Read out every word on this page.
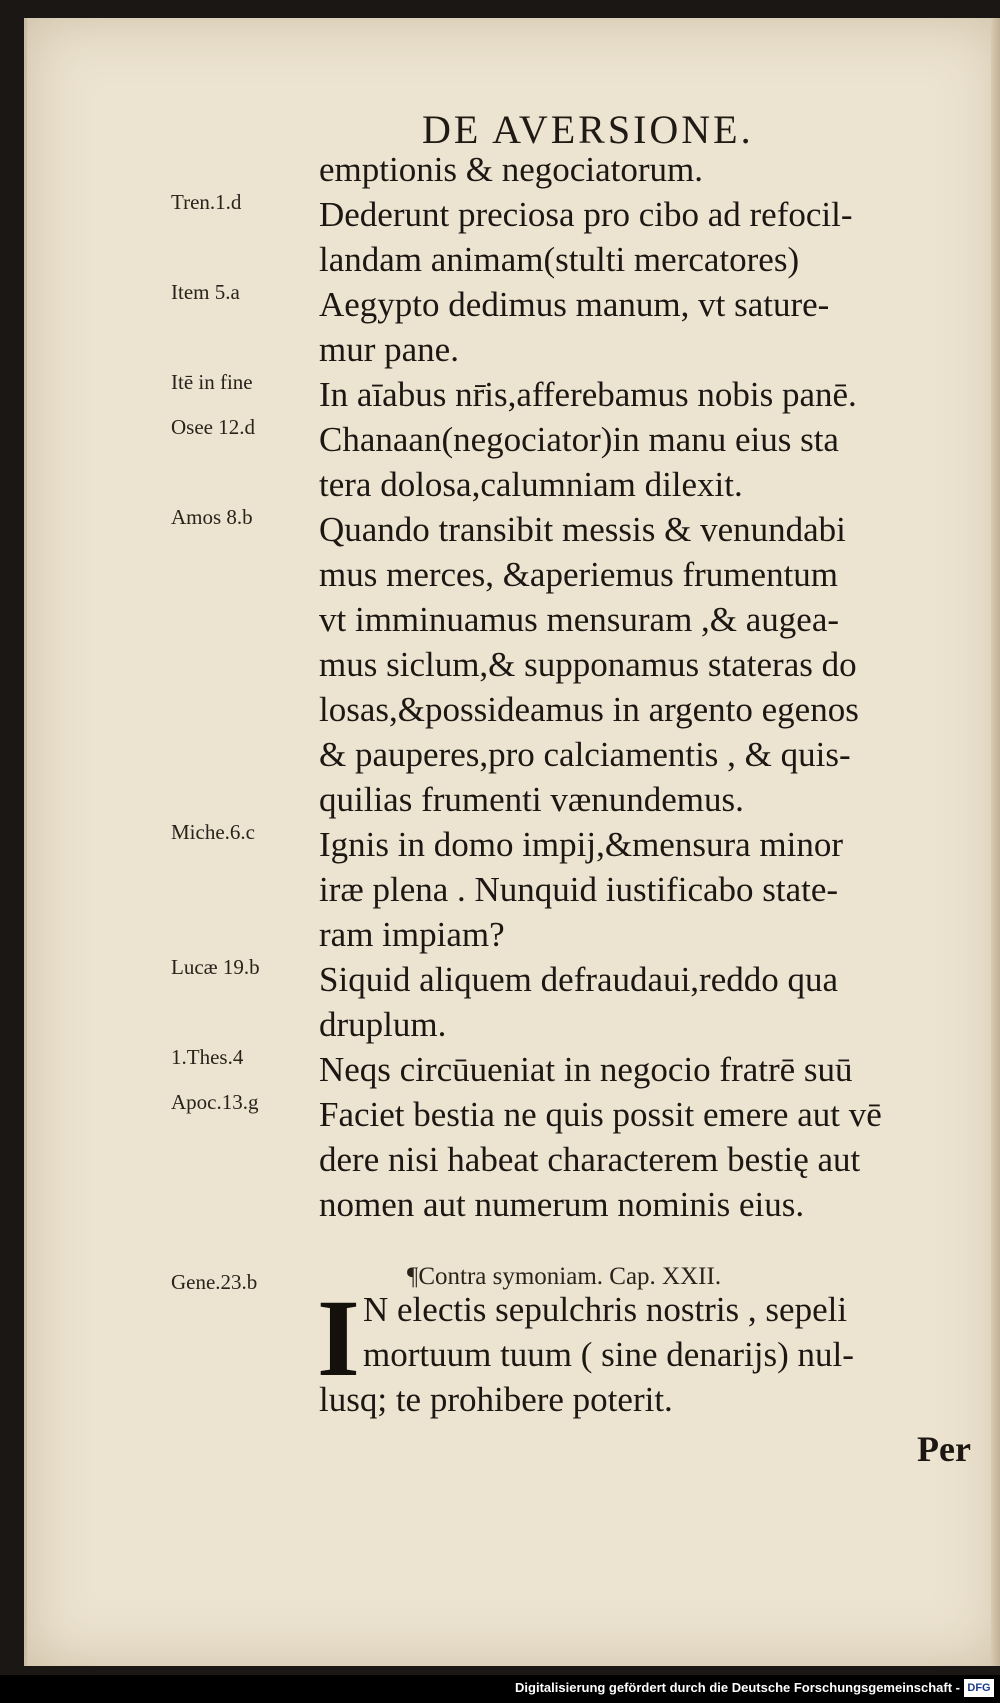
DE AVERSIONE.
emptionis & negociatorum.
Dederunt preciosa pro cibo ad refocil-
landam animam(stulti mercatores)
Aegypto dedimus manum, vt sature-
mur pane.
In aīabus nr̄is,afferebamus nobis panē.
Chanaan(negociator)in manu eius sta
tera dolosa,calumniam dilexit.
Quando transibit messis & venundabi
mus merces, &aperiemus frumentum
vt imminuamus mensuram ,& augea-
mus siclum,& supponamus stateras do
losas,&possideamus in argento egenos
& pauperes,pro calciamentis , & quis-
quilias frumenti vænundemus.
Ignis in domo impij,&mensura minor
iræ plena . Nunquid iustificabo state-
ram impiam?
Siquid aliquem defraudaui,reddo qua
druplum.
Neqs circūueniat in negocio fratrē suū
Faciet bestia ne quis possit emere aut vē
dere nisi habeat characterem bestię aut
nomen aut numerum nominis eius.
Tren.1.d
Item 5.a
Itē in fine
Osee 12.d
Amos 8.b
Miche.6.c
Lucæ 19.b
1.Thes.4
Apoc.13.g
Gene.23.b	¶Contra symoniam. Cap. XXII.
I N electis sepulchris nostris , sepeli
mortuum tuum ( sine denarijs) nul-
lusq; te prohibere poterit.
Per
Digitalisierung gefördert durch die Deutsche Forschungsgemeinschaft - DFG
